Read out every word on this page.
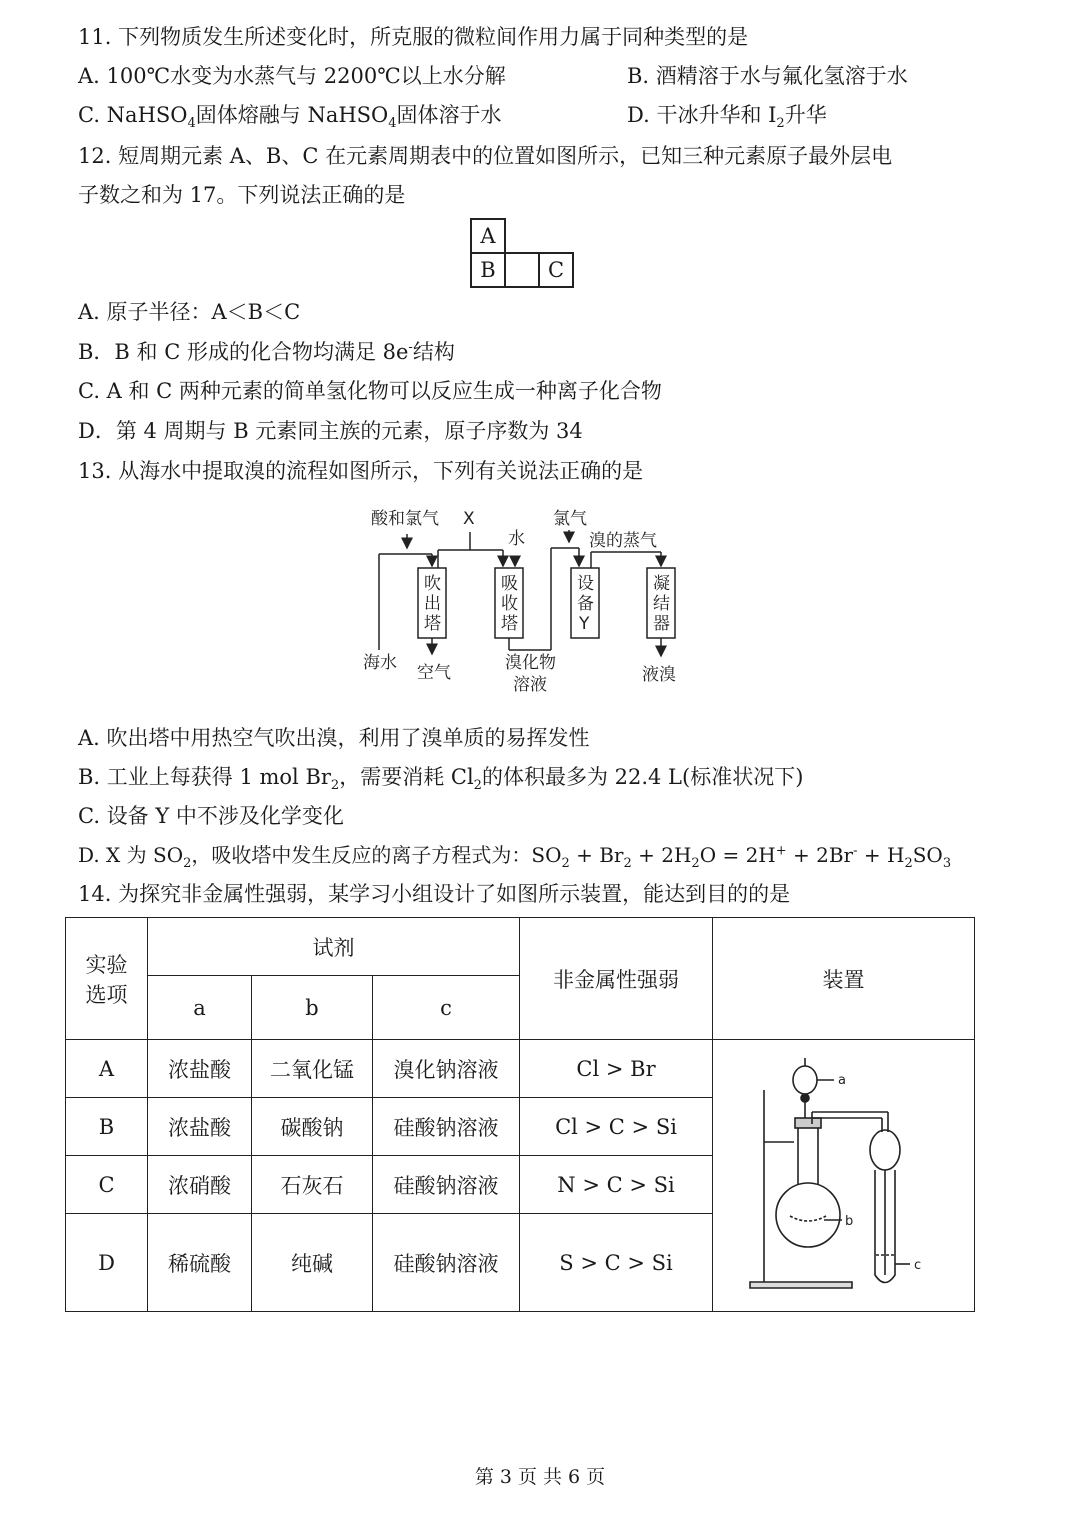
11. 下列物质发生所述变化时，所克服的微粒间作用力属于同种类型的是
A. 100℃水变为水蒸气与 2200℃以上水分解	B. 酒精溶于水与氟化氢溶于水
C. NaHSO$_4$固体熔融与 NaHSO$_4$固体溶于水	D. 干冰升华和 $I_2$升华
12. 短周期元素 A、B、C 在元素周期表中的位置如图所示，已知三种元素原子最外层电
子数之和为 17。下列说法正确的是
A		
B		C
A. 原子半径：A＜B＜C
B．B 和 C 形成的化合物均满足 8e-结构
C. A 和 C 两种元素的简单氢化物可以反应生成一种离子化合物
D．第 4 周期与 B 元素同主族的元素，原子序数为 34
13. 从海水中提取溴的流程如图所示，下列有关说法正确的是
酸和氯气 X
水
氯气
溴的蒸气
吹
出
塔
吸
收
塔
设
备
Y
凝
结
器
海水 空气	溴化物
溶液	液溴
A. 吹出塔中用热空气吹出溴，利用了溴单质的易挥发性
B. 工业上每获得 1 mol $Br_2$，需要消耗 $Cl_2$的体积最多为 22.4 L(标准状况下)
C. 设备 Y 中不涉及化学变化
D. X 为 $SO_2$，吸收塔中发生反应的离子方程式为：$SO_2 + Br_2 + 2H_2O = 2H^+ + 2Br^- + H_2SO_3$
14. 为探究非金属性强弱，某学习小组设计了如图所示装置，能达到目的的是
实验
选项	试剂			非金属性强弱	装置
	a	b	c		
A	浓盐酸	二氧化锰	溴化钠溶液	Cl > Br	
B	浓盐酸	碳酸钠	硅酸钠溶液	Cl > C > Si	
C	浓硝酸	石灰石	硅酸钠溶液	N > C > Si	
D	稀硫酸	纯碱	硅酸钠溶液	S > C > Si	
a
b
c
第 3 页 共 6 页
